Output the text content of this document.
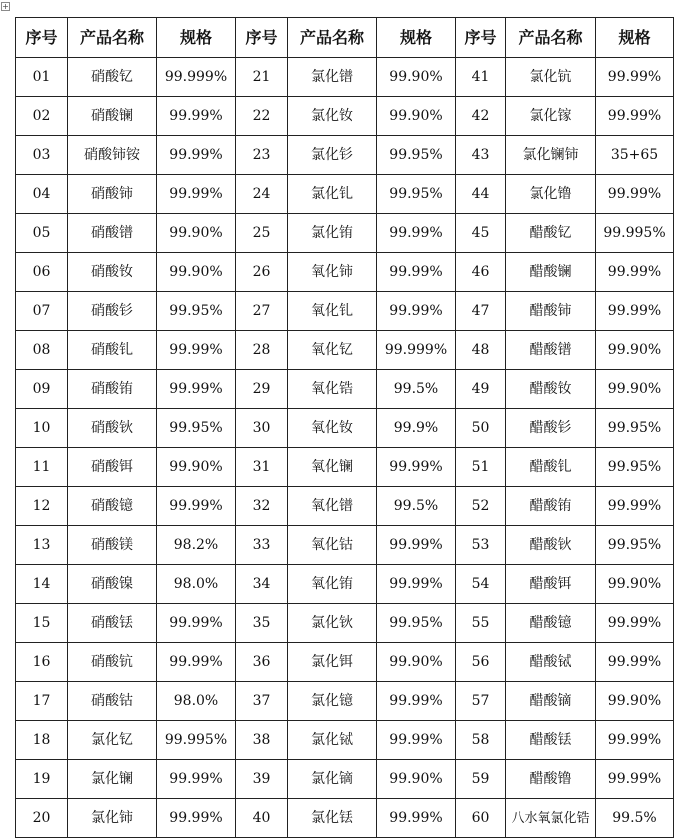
+
序号	产品名称	规格	序号	产品名称	规格	序号	产品名称	规格
01	硝酸钇	99.999%	21	氯化镨	99.90%	41	氯化钪	99.99%
02	硝酸镧	99.99%	22	氯化钕	99.90%	42	氯化镓	99.99%
03	硝酸铈铵	99.99%	23	氯化钐	99.95%	43	氯化镧铈	35+65
04	硝酸铈	99.99%	24	氯化钆	99.95%	44	氯化镥	99.99%
05	硝酸镨	99.90%	25	氯化铕	99.99%	45	醋酸钇	99.995%
06	硝酸钕	99.90%	26	氧化铈	99.99%	46	醋酸镧	99.99%
07	硝酸钐	99.95%	27	氧化钆	99.99%	47	醋酸铈	99.99%
08	硝酸钆	99.99%	28	氧化钇	99.999%	48	醋酸镨	99.90%
09	硝酸铕	99.99%	29	氧化锆	99.5%	49	醋酸钕	99.90%
10	硝酸钬	99.95%	30	氧化钕	99.9%	50	醋酸钐	99.95%
11	硝酸铒	99.90%	31	氧化镧	99.99%	51	醋酸钆	99.95%
12	硝酸镱	99.99%	32	氧化镨	99.5%	52	醋酸铕	99.99%
13	硝酸镁	98.2%	33	氧化钴	99.99%	53	醋酸钬	99.95%
14	硝酸镍	98.0%	34	氧化铕	99.99%	54	醋酸铒	99.90%
15	硝酸铥	99.99%	35	氯化钬	99.95%	55	醋酸镱	99.99%
16	硝酸钪	99.99%	36	氯化铒	99.90%	56	醋酸铽	99.99%
17	硝酸钴	98.0%	37	氯化镱	99.99%	57	醋酸镝	99.90%
18	氯化钇	99.995%	38	氯化铽	99.99%	58	醋酸铥	99.99%
19	氯化镧	99.99%	39	氯化镝	99.90%	59	醋酸镥	99.99%
20	氯化铈	99.99%	40	氯化铥	99.99%	60	八水氧氯化锆	99.5%
